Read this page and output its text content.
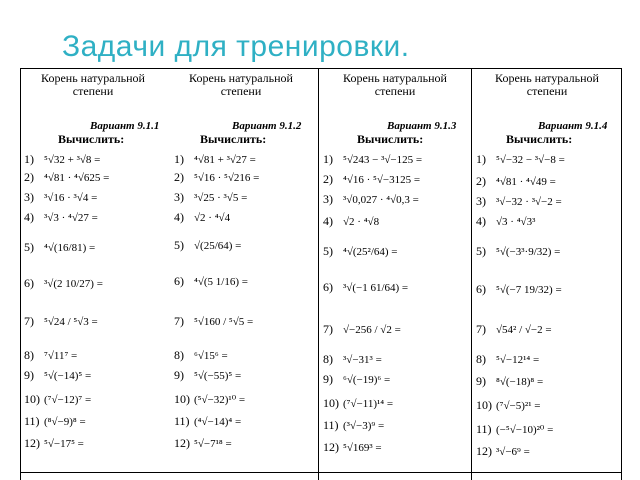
Задачи для тренировки.
Корень натуральной
степени
Вариант 9.1.1
Вычислить:
1) ⁵√32 + ³√8 =
2) ⁴√81 · ⁴√625 =
3) ³√16 · ³√4 =
4) ³√3 · ⁴√27 =
5) ⁴√(16/81) =
6) ³√(2 10/27) =
7) ⁵√24 / ⁵√3 =
8) ⁷√11⁷ =
9) ⁵√(−14)⁵ =
10) (⁷√−12)⁷ =
11) (⁸√−9)⁸ =
12) ⁵√−17⁵ =
Корень натуральной
степени
Вариант 9.1.2
Вычислить:
1) ⁴√81 + ³√27 =
2) ⁵√16 · ⁵√216 =
3) ³√25 · ³√5 =
4) √2 · ⁴√4
5) √(25/64) =
6) ⁴√(5 1/16) =
7) ⁵√160 / ⁵√5 =
8) ⁶√15⁶ =
9) ⁵√(−55)⁵ =
10) (⁵√−32)¹⁰ =
11) (⁴√−14)⁴ =
12) ⁵√−7¹⁸ =
Корень натуральной
степени
Вариант 9.1.3
Вычислить:
1) ⁵√243 − ³√−125 =
2) ⁴√16 · ⁵√−3125 =
3) ³√0,027 · ⁴√0,3 =
4) √2 · ⁴√8
5) ⁴√(25²/64) =
6) ³√(−1 61/64) =
7) √−256 / √2 =
8) ³√−31³ =
9) ⁶√(−19)⁶ =
10) (⁷√−11)¹⁴ =
11) (³√−3)⁹ =
12) ⁵√169³ =
Корень натуральной
степени
Вариант 9.1.4
Вычислить:
1) ⁵√−32 − ³√−8 =
2) ⁴√81 · ⁴√49 =
3) ³√−32 · ³√−2 =
4) √3 · ⁴√3³
5) ⁵√(−3³·9/32) =
6) ⁵√(−7 19/32) =
7) √54² / √−2 =
8) ⁵√−12¹⁴ =
9) ⁸√(−18)⁸ =
10) (⁷√−5)²¹ =
11) (−⁵√−10)²⁰ =
12) ³√−6⁹ =
